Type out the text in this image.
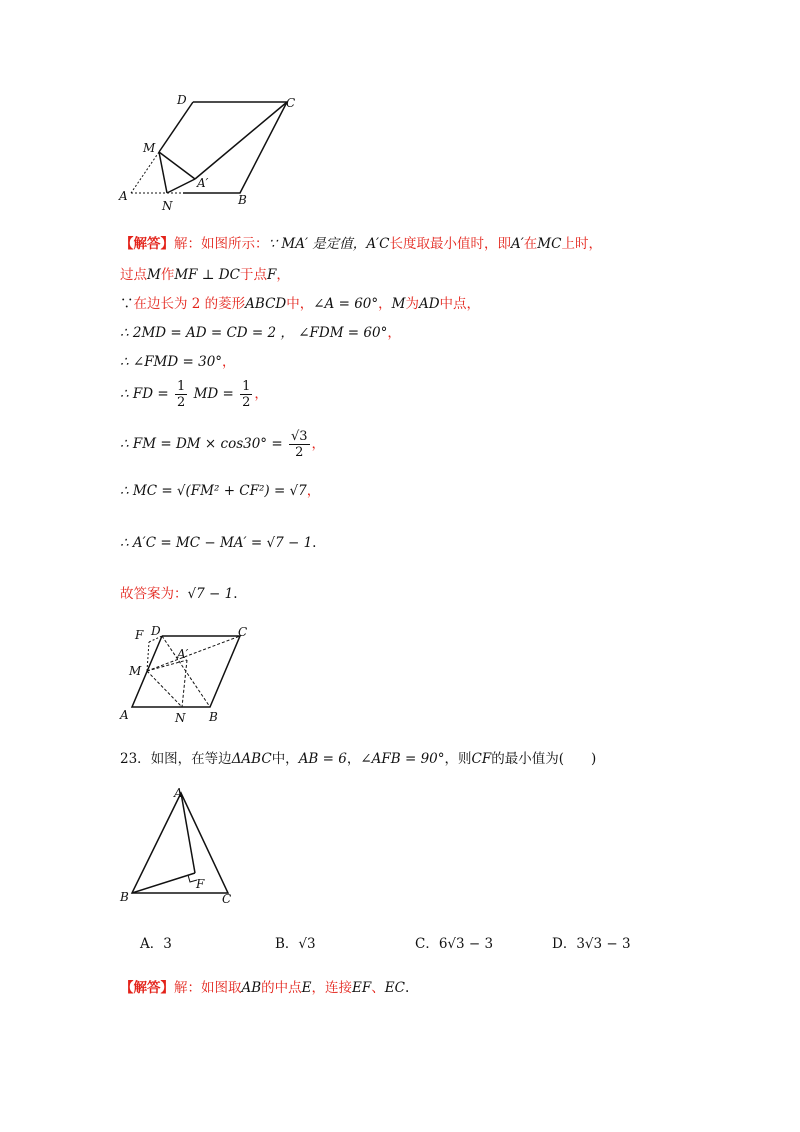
D	C
M
A′
A
N	B
【解答】解：如图所示：∵ MA′ 是定值，A′C长度取最小值时，即A′在MC上时，
过点M作MF ⊥ DC于点F，
∵在边长为 2 的菱形ABCD中，∠A = 60°，M为AD中点，
∴ 2MD = AD = CD = 2 ， ∠FDM = 60°，
∴ ∠FMD = 30°，
∴ FD = $\frac{1}{2}$ MD = $\frac{1}{2}$ ，
∴ FM = DM × $\cos 30^\circ = \frac{√3}{2}$ ，
∴ MC = √(FM² + CF²) = √7，
∴ A′C = MC − MA′ = √7 − 1.
故答案为：√7 − 1.
F D	C
A′
M
A	N B
23．如图，在等边ΔABC中，AB = 6，∠AFB = 90°，则CF的最小值为(　　)
A
B	C
F
A．3	B．√3	C．6√3 − 3	D．3√3 − 3
【解答】解：如图取AB的中点E，连接EF、EC.
